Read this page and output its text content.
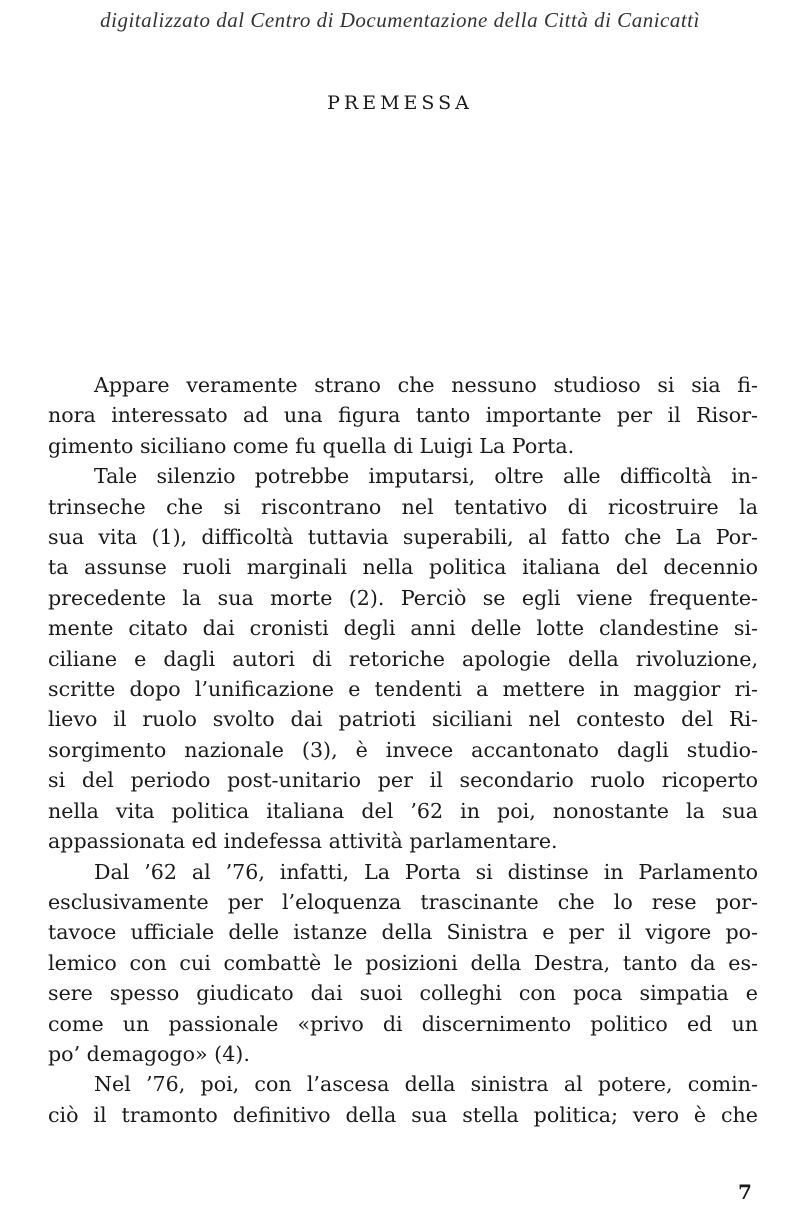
digitalizzato dal Centro di Documentazione della Città di Canicattì
PREMESSA
Appare veramente strano che nessuno studioso si sia fi-
nora interessato ad una figura tanto importante per il Risor-
gimento siciliano come fu quella di Luigi La Porta.
Tale silenzio potrebbe imputarsi, oltre alle difficoltà in-
trinseche che si riscontrano nel tentativo di ricostruire la
sua vita (1), difficoltà tuttavia superabili, al fatto che La Por-
ta assunse ruoli marginali nella politica italiana del decennio
precedente la sua morte (2). Perciò se egli viene frequente-
mente citato dai cronisti degli anni delle lotte clandestine si-
ciliane e dagli autori di retoriche apologie della rivoluzione,
scritte dopo l’unificazione e tendenti a mettere in maggior ri-
lievo il ruolo svolto dai patrioti siciliani nel contesto del Ri-
sorgimento nazionale (3), è invece accantonato dagli studio-
si del periodo post-unitario per il secondario ruolo ricoperto
nella vita politica italiana del ’62 in poi, nonostante la sua
appassionata ed indefessa attività parlamentare.
Dal ’62 al ’76, infatti, La Porta si distinse in Parlamento
esclusivamente per l’eloquenza trascinante che lo rese por-
tavoce ufficiale delle istanze della Sinistra e per il vigore po-
lemico con cui combattè le posizioni della Destra, tanto da es-
sere spesso giudicato dai suoi colleghi con poca simpatia e
come un passionale «privo di discernimento politico ed un
po’ demagogo» (4).
Nel ’76, poi, con l’ascesa della sinistra al potere, comin-
ciò il tramonto definitivo della sua stella politica; vero è che
7
